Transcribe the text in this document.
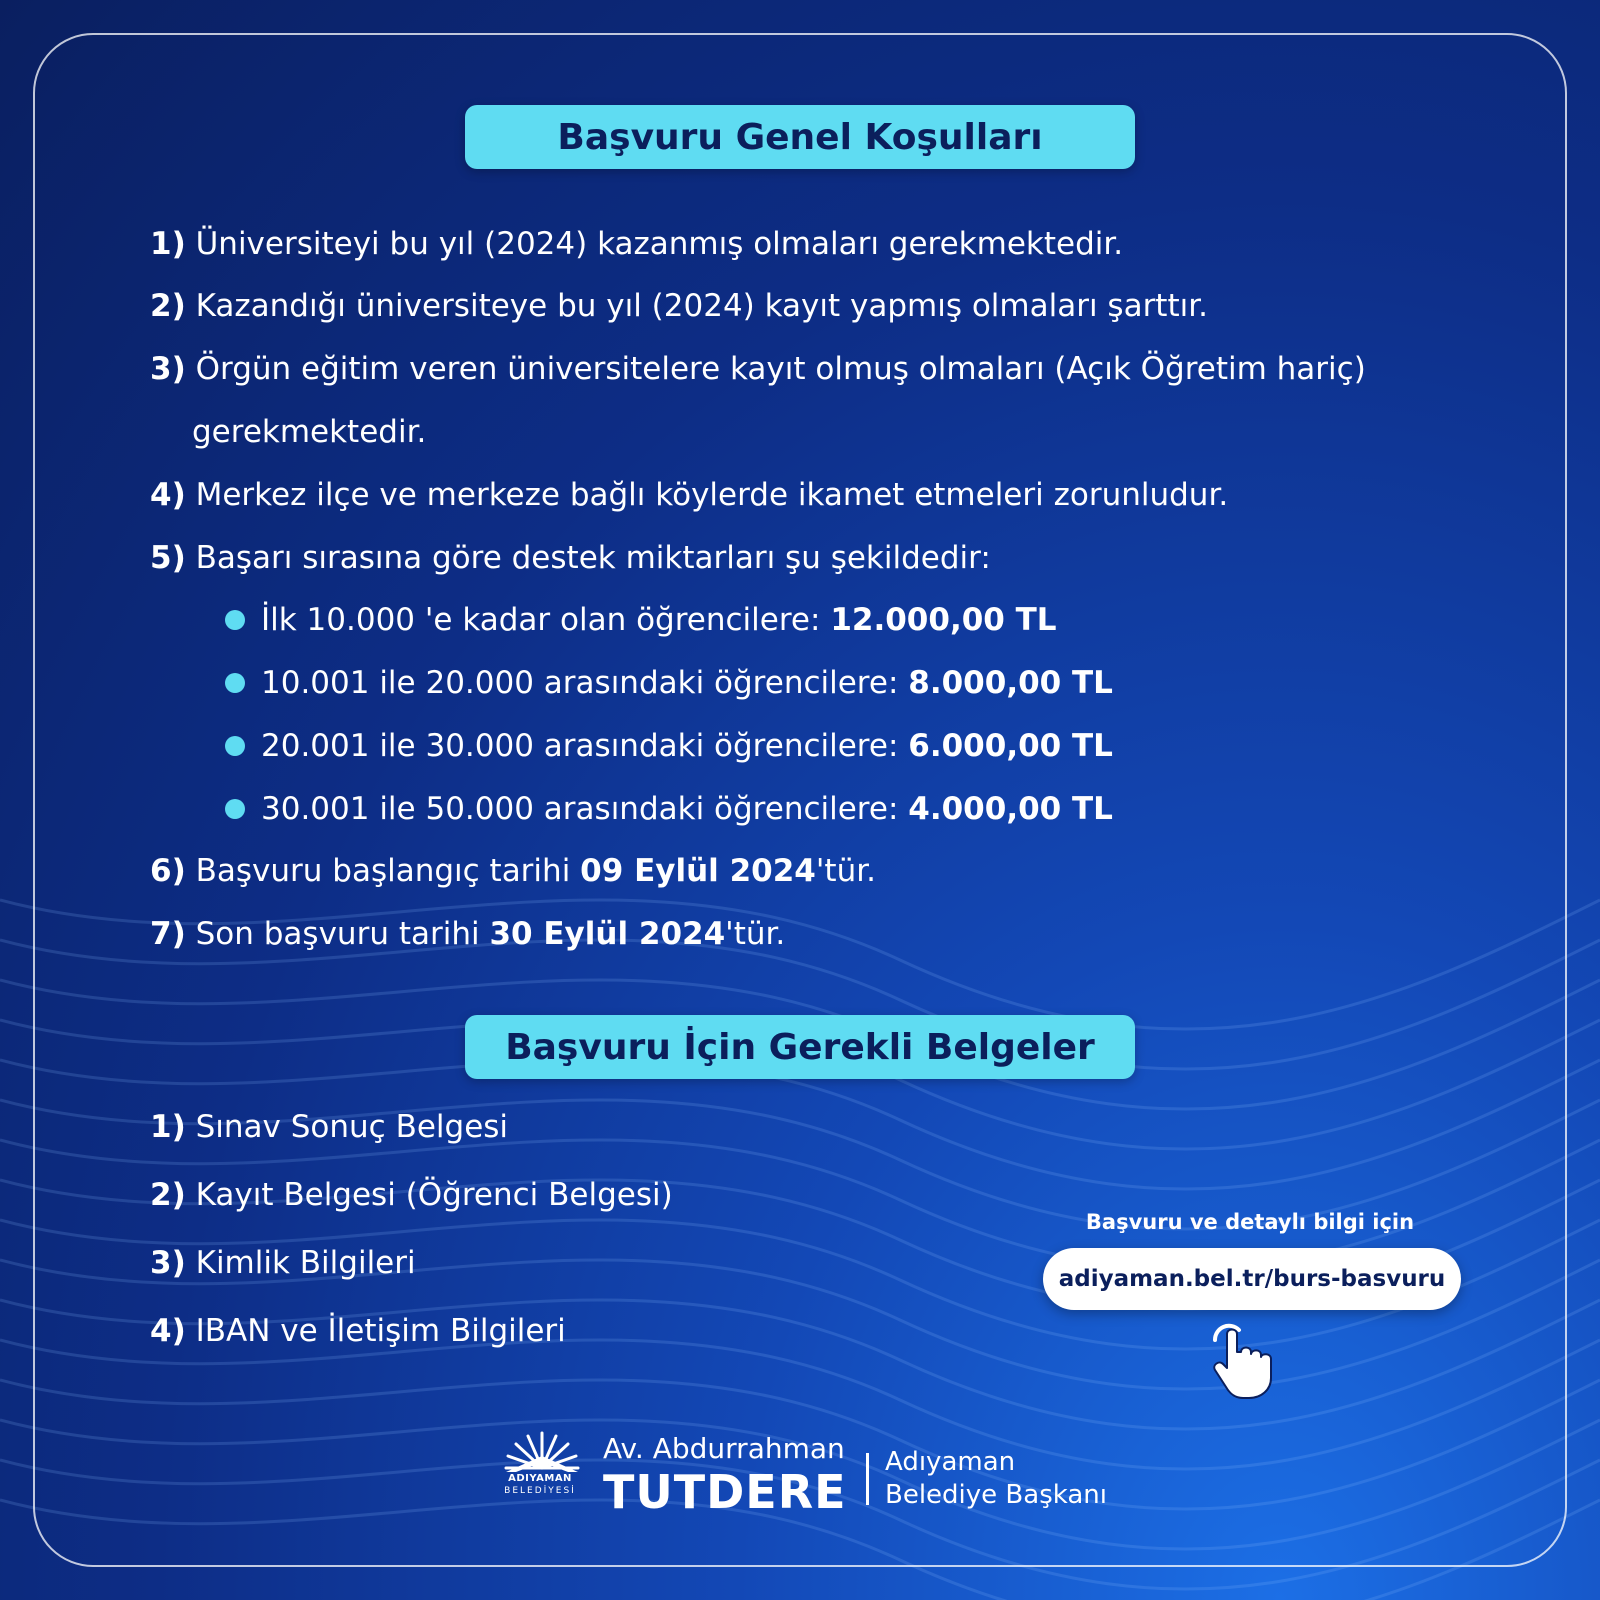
Başvuru Genel Koşulları
1) Üniversiteyi bu yıl (2024) kazanmış olmaları gerekmektedir.
2) Kazandığı üniversiteye bu yıl (2024) kayıt yapmış olmaları şarttır.
3) Örgün eğitim veren üniversitelere kayıt olmuş olmaları (Açık Öğretim hariç)
gerekmektedir.
4) Merkez ilçe ve merkeze bağlı köylerde ikamet etmeleri zorunludur.
5) Başarı sırasına göre destek miktarları şu şekildedir:
İlk 10.000 'e kadar olan öğrencilere:
12.000,00 TL
10.001 ile 20.000 arasındaki öğrencilere:
8.000,00 TL
20.001 ile 30.000 arasındaki öğrencilere:
6.000,00 TL
30.001 ile 50.000 arasındaki öğrencilere:
4.000,00 TL
6) Başvuru başlangıç tarihi 09 Eylül 2024'tür.
7) Son başvuru tarihi 30 Eylül 2024'tür.
Başvuru İçin Gerekli Belgeler
1) Sınav Sonuç Belgesi
2) Kayıt Belgesi (Öğrenci Belgesi)
3) Kimlik Bilgileri
4) IBAN ve İletişim Bilgileri
Başvuru ve detaylı bilgi için
adiyaman.bel.tr/burs-basvuru
ADIYAMAN
BELEDİYESİ
Av. Abdurrahman
TUTDERE
Adıyaman
Belediye Başkanı
